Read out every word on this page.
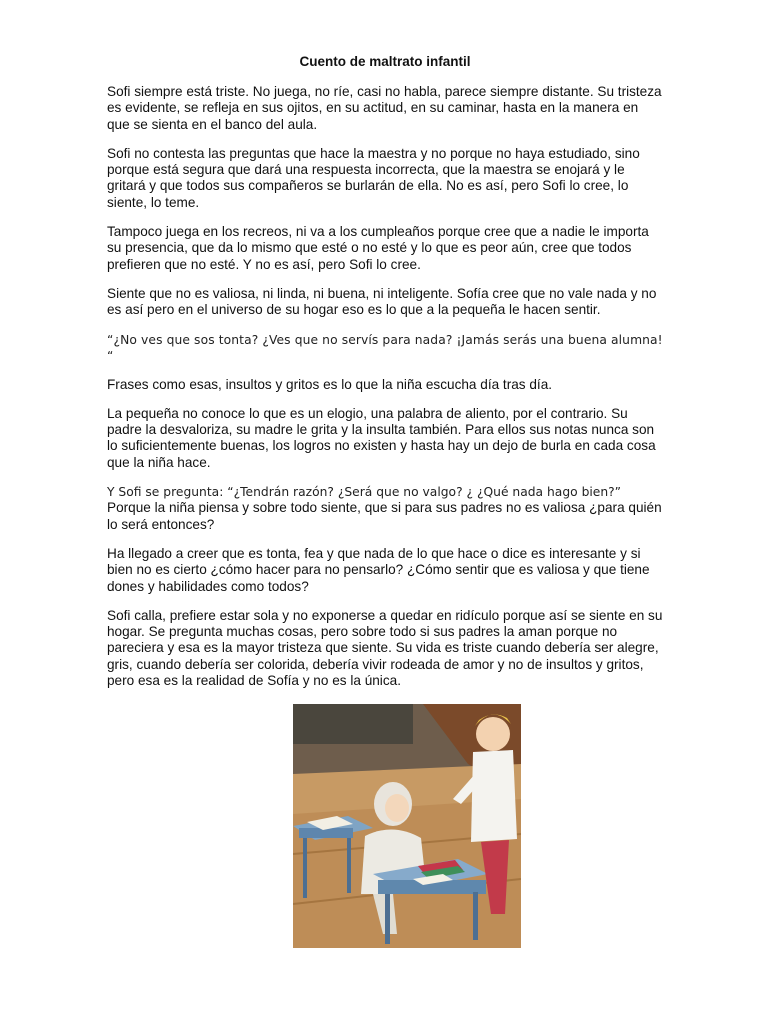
Cuento de maltrato infantil

Sofi siempre está triste. No juega, no ríe, casi no habla, parece siempre distante. Su tristeza es evidente, se refleja en sus ojitos, en su actitud, en su caminar, hasta en la manera en que se sienta en el banco del aula.

Sofi no contesta las preguntas que hace la maestra y no porque no haya estudiado, sino porque está segura que dará una respuesta incorrecta, que la maestra se enojará y le gritará y que todos sus compañeros se burlarán de ella. No es así, pero Sofi lo cree, lo siente, lo teme.

Tampoco juega en los recreos, ni va a los cumpleaños porque cree que a nadie le importa su presencia, que da lo mismo que esté o no esté y lo que es peor aún, cree que todos prefieren que no esté. Y no es así, pero Sofi lo cree.

Siente que no es valiosa, ni linda, ni buena, ni inteligente. Sofía cree que no vale nada y no es así pero en el universo de su hogar eso es lo que a la pequeña le hacen sentir.

“¿No ves que sos tonta? ¿Ves que no servís para nada? ¡Jamás serás una buena alumna! “

Frases como esas, insultos y gritos es lo que la niña escucha día tras día.

La pequeña no conoce lo que es un elogio, una palabra de aliento, por el contrario. Su padre la desvaloriza, su madre le grita y la insulta también. Para ellos sus notas nunca son lo suficientemente buenas, los logros no existen y hasta hay un dejo de burla en cada cosa que la niña hace.

Y Sofi se pregunta: “¿Tendrán razón? ¿Será que no valgo? ¿ ¿Qué nada hago bien?”
Porque la niña piensa y sobre todo siente, que si para sus padres no es valiosa ¿para quién lo será entonces?

Ha llegado a creer que es tonta, fea y que nada de lo que hace o dice es interesante y si bien no es cierto ¿cómo hacer para no pensarlo? ¿Cómo sentir que es valiosa y que tiene dones y habilidades como todos?

Sofi calla, prefiere estar sola y no exponerse a quedar en ridículo porque así se siente en su hogar. Se pregunta muchas cosas, pero sobre todo si sus padres la aman porque no pareciera y esa es la mayor tristeza que siente. Su vida es triste cuando debería ser alegre, gris, cuando debería ser colorida, debería vivir rodeada de amor y no de insultos y gritos, pero esa es la realidad de Sofía y no es la única.
